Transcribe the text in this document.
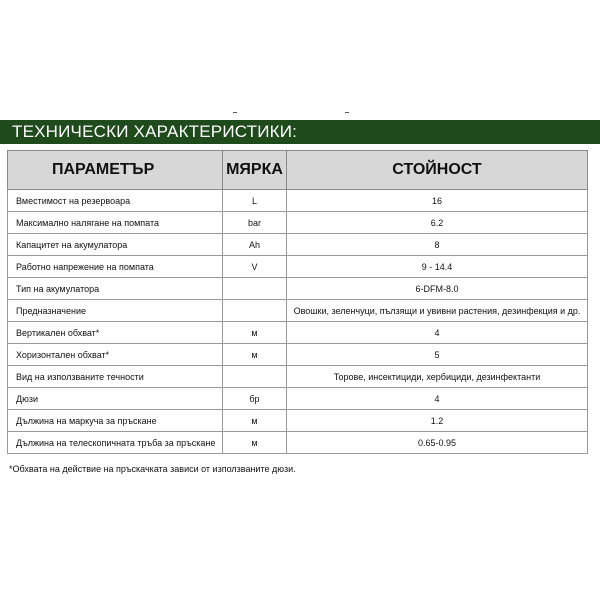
ТЕХНИЧЕСКИ ХАРАКТЕРИСТИКИ:
ПАРАМЕТЪР	МЯРКА	СТОЙНОСТ
Вместимост на резервоара	L	16
Максимално налягане на помпата	bar	6.2
Капацитет на акумулатора	Ah	8
Работно напрежение на помпата	V	9 - 14.4
Тип на акумулатора		6-DFM-8.0
Предназначение		Овошки, зеленчуци, пълзящи и увивни растения, дезинфекция и др.
Вертикален обхват*	м	4
Хоризонтален обхват*	м	5
Вид на използваните течности		Торове, инсектициди, хербициди, дезинфектанти
Дюзи	бр	4
Дължина на маркуча за пръскане	м	1.2
Дължина на телескопичната тръба за пръскане	м	0.65-0.95
*Обхвата на действие на пръскачката зависи от използваните дюзи.
